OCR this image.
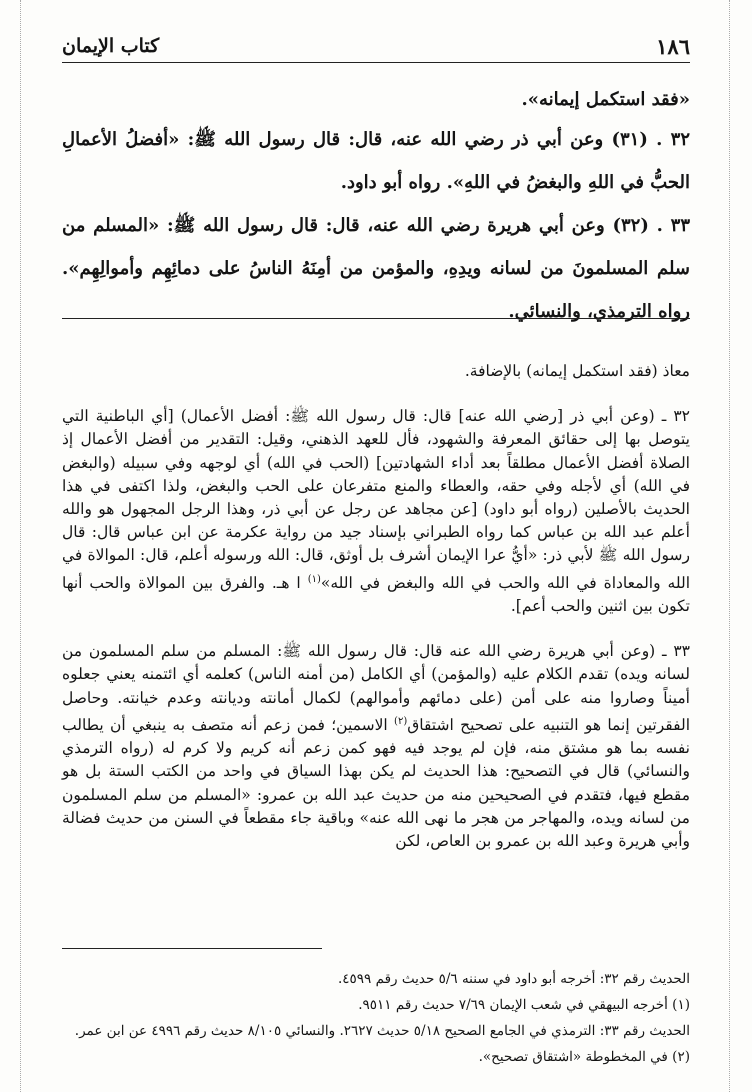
١٨٦
كتاب الإيمان

«فقد استكمل إيمانه».

٣٢ . (٣١) وعن أبي ذر رضي الله عنه، قال: قال رسول الله ﷺ: «أفضلُ الأعمالِ الحبُّ في اللهِ والبغضُ في اللهِ». رواه أبو داود.

٣٣ . (٣٢) وعن أبي هريرة رضي الله عنه، قال: قال رسول الله ﷺ: «المسلم من سلم المسلمونَ من لسانه ويدِهِ، والمؤمن من أمِنَهُ الناسُ على دمائِهِم وأموالِهِم». رواه الترمذي، والنسائي.

معاذ (فقد استكمل إيمانه) بالإضافة.

٣٢ ـ (وعن أبي ذر [رضي الله عنه] قال: قال رسول الله ﷺ: أفضل الأعمال) [أي الباطنية التي يتوصل بها إلى حقائق المعرفة والشهود، فأل للعهد الذهني، وقيل: التقدير من أفضل الأعمال إذ الصلاة أفضل الأعمال مطلقاً بعد أداء الشهادتين] (الحب في الله) أي لوجهه وفي سبيله (والبغض في الله) أي لأجله وفي حقه، والعطاء والمنع متفرعان على الحب والبغض، ولذا اكتفى في هذا الحديث بالأصلين (رواه أبو داود) [عن مجاهد عن رجل عن أبي ذر، وهذا الرجل المجهول هو والله أعلم عبد الله بن عباس كما رواه الطبراني بإسناد جيد من رواية عكرمة عن ابن عباس قال: قال رسول الله ﷺ لأبي ذر: «أيُّ عرا الإيمان أشرف بل أوثق، قال: الله ورسوله أعلم، قال: الموالاة في الله والمعاداة في الله والحب في الله والبغض في الله»$^{(١)}$ ا هـ. والفرق بين الموالاة والحب أنها تكون بين اثنين والحب أعم].

٣٣ ـ (وعن أبي هريرة رضي الله عنه قال: قال رسول الله ﷺ: المسلم من سلم المسلمون من لسانه ويده) تقدم الكلام عليه (والمؤمن) أي الكامل (من أمنه الناس) كعلمه أي ائتمنه يعني جعلوه أميناً وصاروا منه على أمن (على دمائهم وأموالهم) لكمال أمانته وديانته وعدم خيانته. وحاصل الفقرتين إنما هو التنبيه على تصحيح اشتقاق$^{(٢)}$ الاسمين؛ فمن زعم أنه متصف به ينبغي أن يطالب نفسه بما هو مشتق منه، فإن لم يوجد فيه فهو كمن زعم أنه كريم ولا كرم له (رواه الترمذي والنسائي) قال في التصحيح: هذا الحديث لم يكن بهذا السياق في واحد من الكتب الستة بل هو مقطع فيها، فتقدم في الصحيحين منه من حديث عبد الله بن عمرو: «المسلم من سلم المسلمون من لسانه ويده، والمهاجر من هجر ما نهى الله عنه» وباقية جاء مقطعاً في السنن من حديث فضالة وأبي هريرة وعبد الله بن عمرو بن العاص، لكن

الحديث رقم ٣٢: أخرجه أبو داود في سننه ٥/٦ حديث رقم ٤٥٩٩.

(١) أخرجه البيهقي في شعب الإيمان ٧/٦٩ حديث رقم ٩٥١١.

الحديث رقم ٣٣: الترمذي في الجامع الصحيح ٥/١٨ حديث ٢٦٢٧. والنسائي ٨/١٠٥ حديث رقم ٤٩٩٦ عن ابن عمر.

(٢) في المخطوطة «اشتقاق تصحيح».
